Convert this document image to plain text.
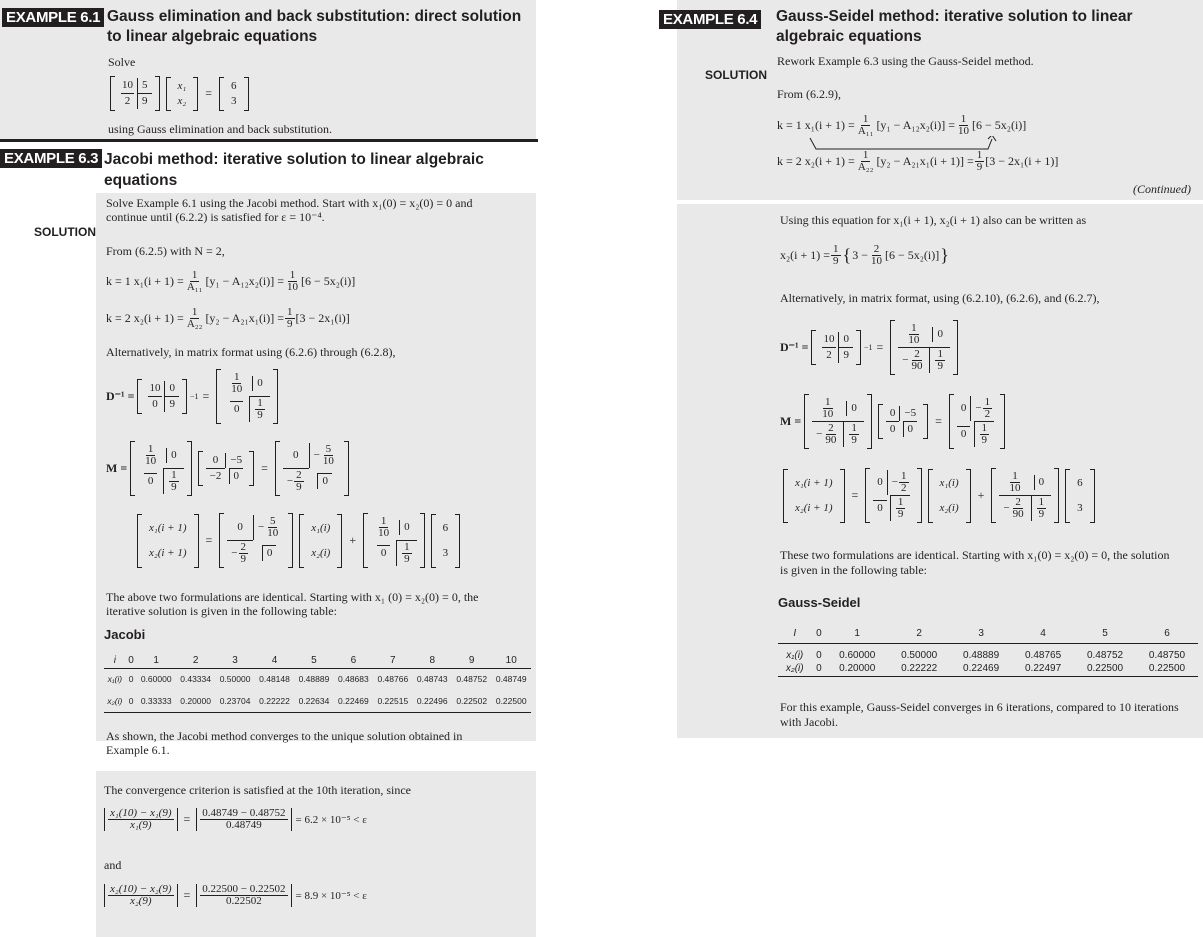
EXAMPLE 6.1 Gauss elimination and back substitution: direct solution
to linear algebraic equations
Solve
10 5
2	9
x₁
x₂
=
6
3
using Gauss elimination and back substitution.
EXAMPLE 6.3 Jacobi method: iterative solution to linear algebraic
equations
Solve Example 6.1 using the Jacobi method. Start with x₁(0) = x₂(0) = 0 and
continue until (6.2.2) is satisfied for ε = 10⁻⁴.
SOLUTION
From (6.2.5) with N = 2,
k = 1 $x_1(i + 1) = \frac{1}{\text{A₁₁}} [y_1 - A_{12}x_2(i)] = \frac{1}{10} [6 - 5x_2(i)]$
k = 2 $x_2(i + 1) = \frac{1}{\text{A₂₂}} [y_2 - A_{21}x_1(i)] = \frac{1}{9} [3 - 2x_1(i)]$
Alternatively, in matrix format using (6.2.6) through (6.2.8),
D⁻¹ =
10 0
0	9
−1 =
$\frac{1}{10}$	0
0	$\frac{1}{9}$
M =
$\frac{1}{10}$	0
0	$\frac{1}{9}$
0	−5
−2	0
=
0	− $\frac{5}{10}$
− $\frac{2}{9}$	0
x₁(i + 1)
x₂(i + 1)
=
0	− $\frac{5}{10}$
− $\frac{2}{9}$	0
x₁(i)
x₂(i)
+
$\frac{1}{10}$	0
0	$\frac{1}{9}$
6
3
The above two formulations are identical. Starting with x₁ (0) = x₂(0) = 0, the
iterative solution is given in the following table:
Jacobi
i	0	1	2	3	4	5	6	7	8	9	10
x₁(i)	0	0.60000	0.43334	0.50000	0.48148	0.48889	0.48683	0.48766	0.48743	0.48752	0.48749
x₂(i)	0	0.33333	0.20000	0.23704	0.22222	0.22634	0.22469	0.22515	0.22496	0.22502	0.22500
As shown, the Jacobi method converges to the unique solution obtained in
Example 6.1.
The convergence criterion is satisfied at the 10th iteration, since
$\frac{\text{x₁(10) − x₁(9)}}{\text{x₁(9)}} = \frac{0.48749 - 0.48752}{0.48749} = 6.2 \times 10^{-5} < \varepsilon$
and
$\frac{\text{x₂(10) − x₂(9)}}{\text{x₂(9)}} = \frac{0.22500 - 0.22502}{0.22502} = 8.9 \times 10^{-5} < \varepsilon$
EXAMPLE 6.4 Gauss-Seidel method: iterative solution to linear
algebraic equations
Rework Example 6.3 using the Gauss-Seidel method.
SOLUTION
From (6.2.9),
k = 1 $x_1(i + 1) = \frac{1}{\text{A₁₁}} [y_1 - A_{12}x_2(i)] = \frac{1}{10} [6 - 5x_2(i)]$
k = 2 $x_2(i + 1) = \frac{1}{\text{A₂₂}} [y_2 - A_{21}x_1(i + 1)] = \frac{1}{9} [3 - 2x_1(i + 1)]$
(Continued)
Using this equation for x₁(i + 1), x₂(i + 1) also can be written as
$x_2(i + 1) = \frac{1}{9}$ { $3 - \frac{2}{10} [6 - 5x_2(i)]$ }
Alternatively, in matrix format, using (6.2.10), (6.2.6), and (6.2.7),
D⁻¹ =
10 0
2	9
−1 =
$\frac{1}{10}$	0
− $\frac{2}{90} \frac{1}{9}$
M =
$\frac{1}{10}$	0
− $\frac{2}{90} \frac{1}{9}$
0 −5
0	0
=
$0 - \frac{1}{2}$
0	$\frac{1}{9}$
x₁(i + 1)
x₂(i + 1)
=
$0 - \frac{1}{2}$
0	$\frac{1}{9}$
x₁(i)
x₂(i)
+
$\frac{1}{10}$	0
− $\frac{2}{90} \frac{1}{9}$
6
3
These two formulations are identical. Starting with x₁(0) = x₂(0) = 0, the solution
is given in the following table:
Gauss-Seidel
I	0	1	2	3	4	5	6
x₁(i)	0	0.60000	0.50000	0.48889	0.48765	0.48752	0.48750
x₂(i)	0	0.20000	0.22222	0.22469	0.22497	0.22500	0.22500
For this example, Gauss-Seidel converges in 6 iterations, compared to 10 iterations
with Jacobi.
